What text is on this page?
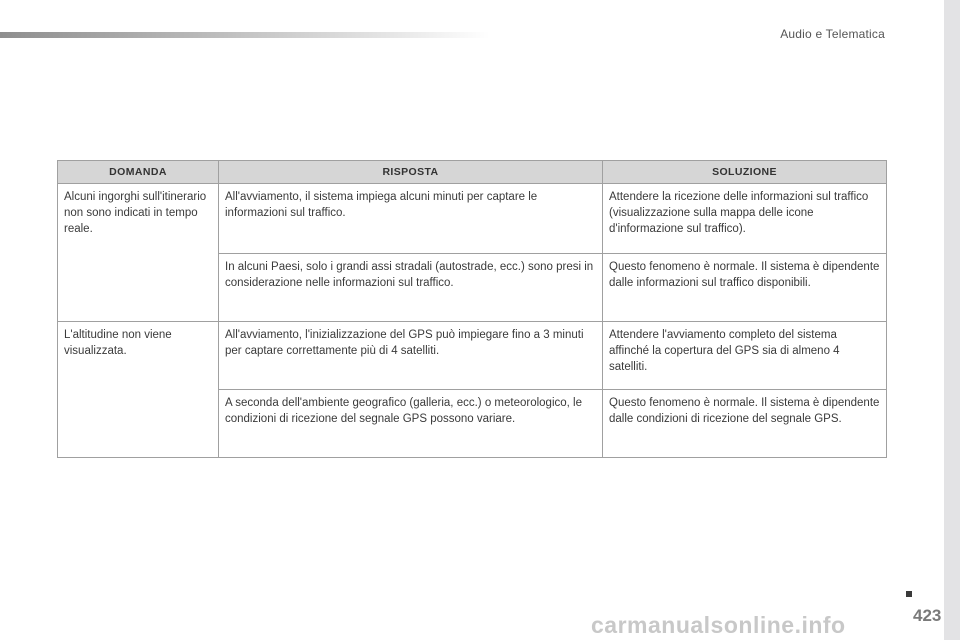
Audio e Telematica
DOMANDA	RISPOSTA	SOLUZIONE
Alcuni ingorghi sull'itinerario non sono indicati in tempo reale.	All'avviamento, il sistema impiega alcuni minuti per captare le informazioni sul traffico.	Attendere la ricezione delle informazioni sul traffico (visualizzazione sulla mappa delle icone d'informazione sul traffico).
	In alcuni Paesi, solo i grandi assi stradali (autostrade, ecc.) sono presi in considerazione nelle informazioni sul traffico.	Questo fenomeno è normale. Il sistema è dipendente dalle informazioni sul traffico disponibili.
L'altitudine non viene visualizzata.	All'avviamento, l'inizializzazione del GPS può impiegare fino a 3 minuti per captare correttamente più di 4 satelliti.	Attendere l'avviamento completo del sistema affinché la copertura del GPS sia di almeno 4 satelliti.
	A seconda dell'ambiente geografico (galleria, ecc.) o meteorologico, le condizioni di ricezione del segnale GPS possono variare.	Questo fenomeno è normale. Il sistema è dipendente dalle condizioni di ricezione del segnale GPS.
423
carmanualsonline.info
